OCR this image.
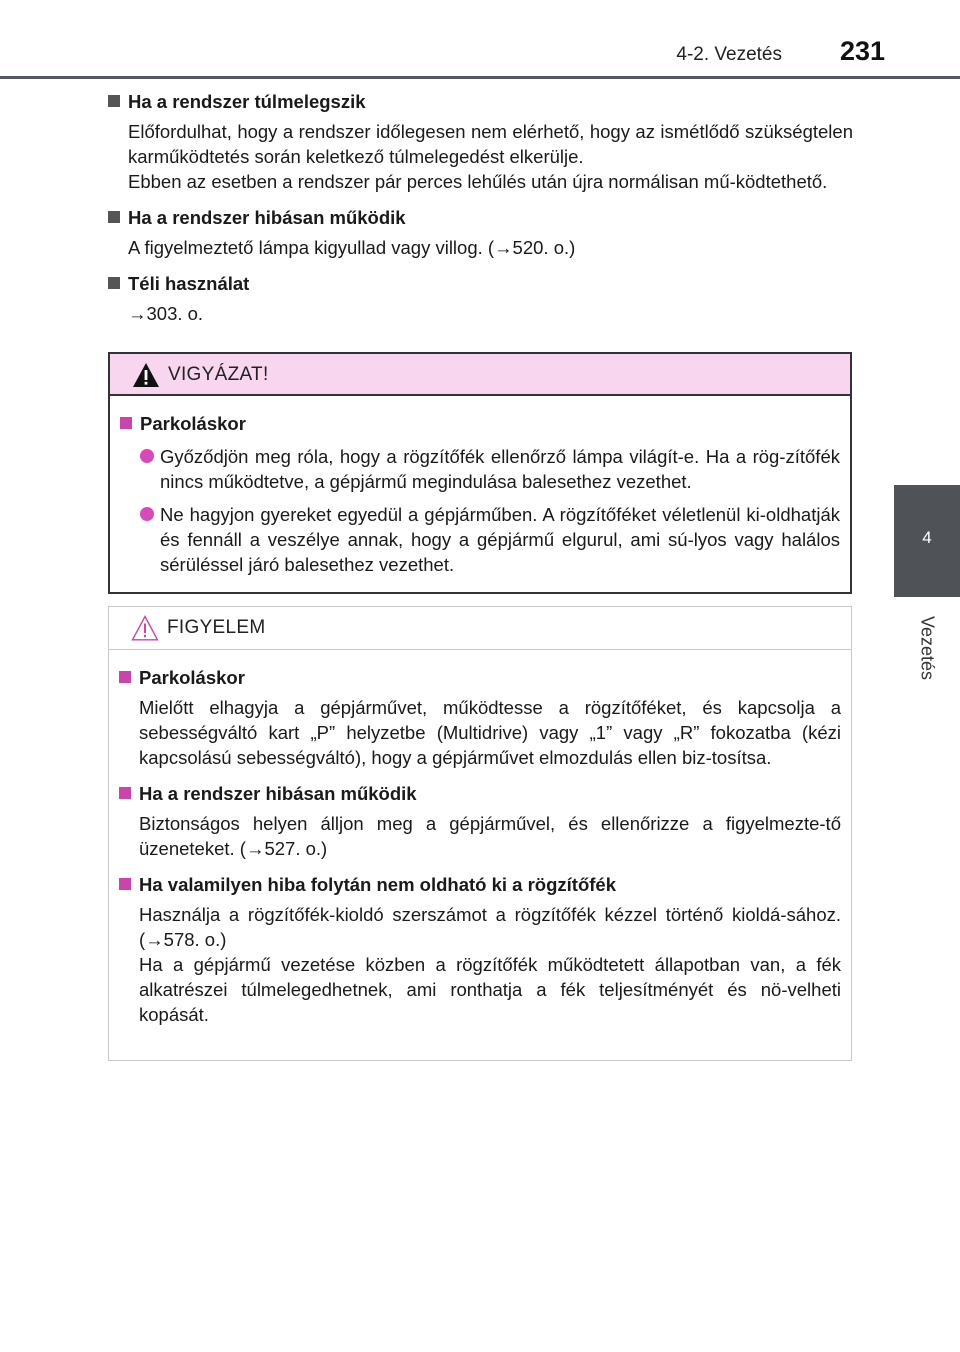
4-2. Vezetés 231
4
Vezetés

Ha a rendszer túlmelegszik

Előfordulhat, hogy a rendszer időlegesen nem elérhető, hogy az ismétlődő szükségtelen karműködtetés során keletkező túlmelegedést elkerülje.
Ebben az esetben a rendszer pár perces lehűlés után újra normálisan mű-ködtethető.

Ha a rendszer hibásan működik

A figyelmeztető lámpa kigyullad vagy villog. (→520. o.)

Téli használat

→303. o.
VIGYÁZAT!

Parkoláskor

Győződjön meg róla, hogy a rögzítőfék ellenőrző lámpa világít-e. Ha a rög-zítőfék nincs működtetve, a gépjármű megindulása balesethez vezethet.
Ne hagyjon gyereket egyedül a gépjárműben. A rögzítőféket véletlenül ki-oldhatják és fennáll a veszélye annak, hogy a gépjármű elgurul, ami sú-lyos vagy halálos sérüléssel járó balesethez vezethet.
FIGYELEM

Parkoláskor

Mielőtt elhagyja a gépjárművet, működtesse a rögzítőféket, és kapcsolja a sebességváltó kart „P” helyzetbe (Multidrive) vagy „1” vagy „R” fokozatba (kézi kapcsolású sebességváltó), hogy a gépjárművet elmozdulás ellen biz-tosítsa.

Ha a rendszer hibásan működik

Biztonságos helyen álljon meg a gépjárművel, és ellenőrizze a figyelmezte-tő üzeneteket. (→527. o.)

Ha valamilyen hiba folytán nem oldható ki a rögzítőfék

Használja a rögzítőfék-kioldó szerszámot a rögzítőfék kézzel történő kioldá-sához. (→578. o.)
Ha a gépjármű vezetése közben a rögzítőfék működtetett állapotban van, a fék alkatrészei túlmelegedhetnek, ami ronthatja a fék teljesítményét és nö-velheti kopását.
